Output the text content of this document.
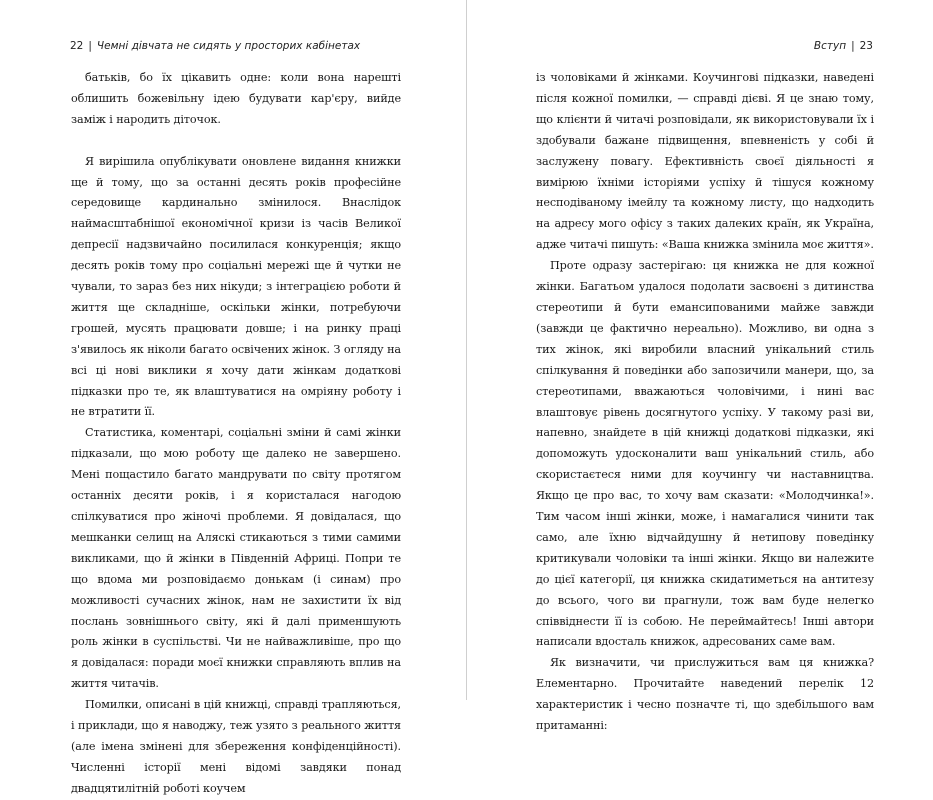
22 | Чемні дівчата не сидять у просторих кабінетах

батьків, бо їх цікавить одне: коли вона нарешті облишить божевільну ідею будувати кар'єру, вийде заміж і народить діточок.

Я вирішила опублікувати оновлене видання книжки ще й тому, що за останні десять років професійне середовище кардинально змінилося. Внаслідок наймасштабнішої економічної кризи із часів Великої депресії надзвичайно посилилася конкуренція; якщо десять років тому про соціальні мережі ще й чутки не чували, то зараз без них нікуди; з інтеграцією роботи й життя ще складніше, оскільки жінки, потребуючи грошей, мусять працювати довше; і на ринку праці з'явилось як ніколи багато освічених жінок. З огляду на всі ці нові виклики я хочу дати жінкам додаткові підказки про те, як влаштуватися на омріяну роботу і не втратити її.

Статистика, коментарі, соціальні зміни й самі жінки підказали, що мою роботу ще далеко не завершено. Мені пощастило багато мандрувати по світу протягом останніх десяти років, і я користалася нагодою спілкуватися про жіночі проблеми. Я довідалася, що мешканки селищ на Аляскі стикаються з тими самими викликами, що й жінки в Південній Африці. Попри те що вдома ми розповідаємо донькам (і синам) про можливості сучасних жінок, нам не захистити їх від послань зовнішнього світу, які й далі применшують роль жінки в суспільстві. Чи не найважливіше, про що я довідалася: поради моєї книжки справляють вплив на життя читачів.

Помилки, описані в цій книжці, справді трапляються, і приклади, що я наводжу, теж узято з реального життя (але імена змінені для збереження конфіденційності). Численні історії мені відомі завдяки понад двадцятилітній роботі коучем

Вступ | 23

із чоловіками й жінками. Коучингові підказки, наведені після кожної помилки, — справді дієві. Я це знаю тому, що клієнти й читачі розповідали, як використовували їх і здобували бажане підвищення, впевненість у собі й заслужену повагу. Ефективність своєї діяльності я вимірюю їхніми історіями успіху й тішуся кожному несподіваному імейлу та кожному листу, що надходить на адресу мого офісу з таких далеких країн, як Україна, адже читачі пишуть: «Ваша книжка змінила моє життя».

Проте одразу застерігаю: ця книжка не для кожної жінки. Багатьом удалося подолати засвоєні з дитинства стереотипи й бути емансипованими майже завжди (завжди це фактично нереально). Можливо, ви одна з тих жінок, які виробили власний унікальний стиль спілкування й поведінки або запозичили манери, що, за стереотипами, вважаються чоловічими, і нині вас влаштовує рівень досягнутого успіху. У такому разі ви, напевно, знайдете в цій книжці додаткові підказки, які допоможуть удосконалити ваш унікальний стиль, або скористаєтеся ними для коучингу чи наставництва. Якщо це про вас, то хочу вам сказати: «Молодчинка!». Тим часом інші жінки, може, і намагалися чинити так само, але їхню відчайдушну й нетипову поведінку критикували чоловіки та інші жінки. Якщо ви належите до цієї категорії, ця книжка скидатиметься на антитезу до всього, чого ви прагнули, тож вам буде нелегко співвіднести її із собою. Не переймайтесь! Інші автори написали вдосталь книжок, адресованих саме вам.

Як визначити, чи прислужиться вам ця книжка? Елементарно. Прочитайте наведений перелік 12 характеристик і чесно позначте ті, що здебільшого вам притаманні:
